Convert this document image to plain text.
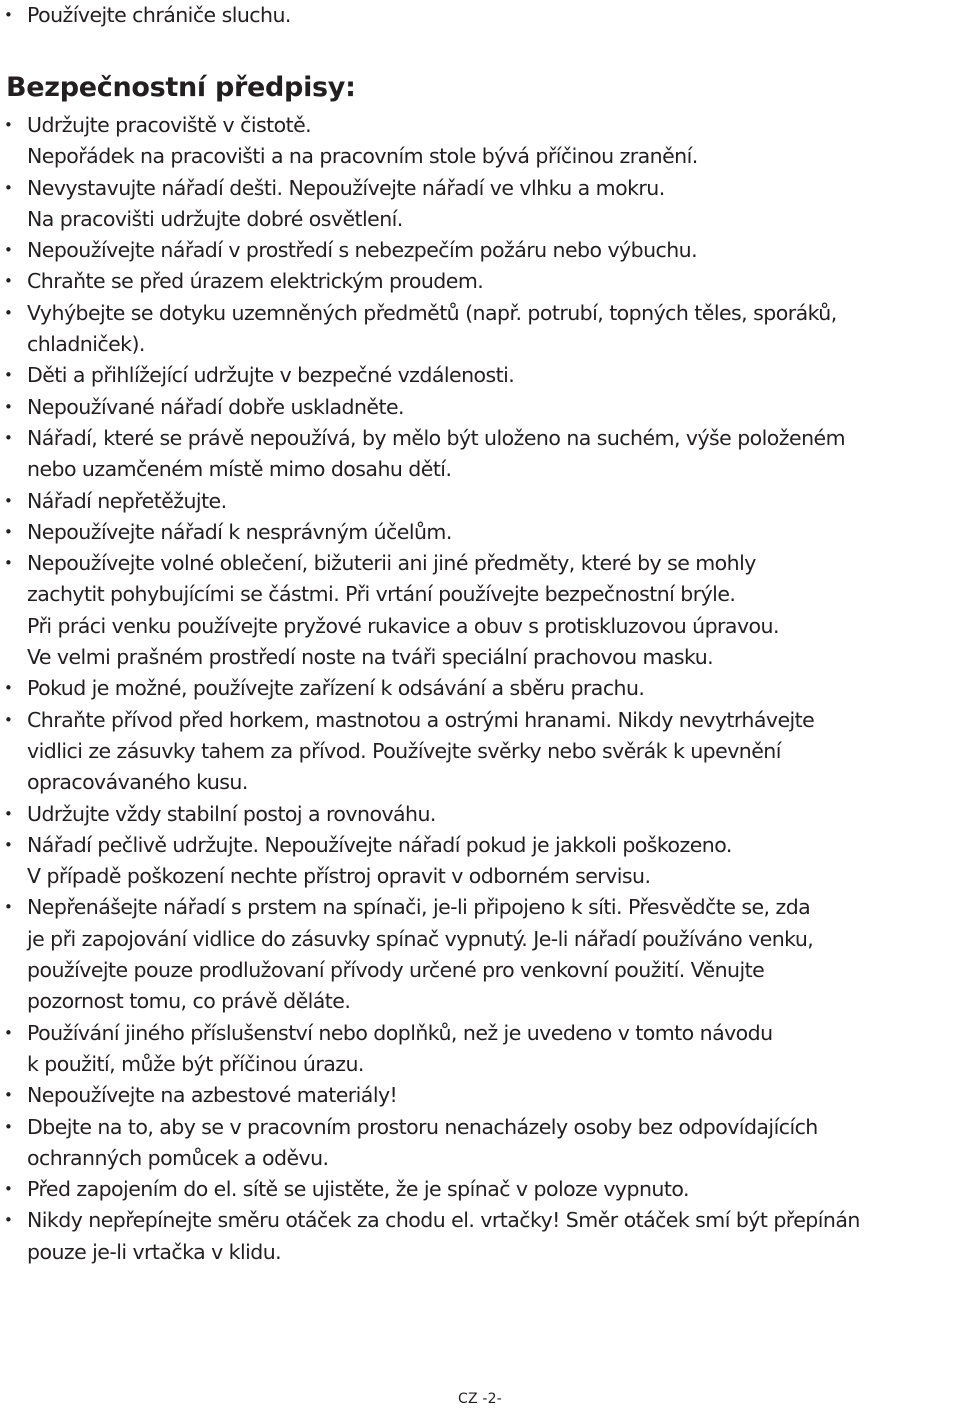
• Používejte chrániče sluchu.
Bezpečnostní předpisy:
• Udržujte pracoviště v čistotě.
Nepořádek na pracovišti a na pracovním stole bývá příčinou zranění.
• Nevystavujte nářadí dešti. Nepoužívejte nářadí ve vlhku a mokru.
Na pracovišti udržujte dobré osvětlení.
• Nepoužívejte nářadí v prostředí s nebezpečím požáru nebo výbuchu.
• Chraňte se před úrazem elektrickým proudem.
• Vyhýbejte se dotyku uzemněných předmětů (např. potrubí, topných těles, sporáků,
chladniček).
• Děti a přihlížející udržujte v bezpečné vzdálenosti.
• Nepoužívané nářadí dobře uskladněte.
• Nářadí, které se právě nepoužívá, by mělo být uloženo na suchém, výše položeném
nebo uzamčeném místě mimo dosahu dětí.
• Nářadí nepřetěžujte.
• Nepoužívejte nářadí k nesprávným účelům.
• Nepoužívejte volné oblečení, bižuterii ani jiné předměty, které by se mohly
zachytit pohybujícími se částmi. Při vrtání používejte bezpečnostní brýle.
Při práci venku používejte pryžové rukavice a obuv s protiskluzovou úpravou.
Ve velmi prašném prostředí noste na tváři speciální prachovou masku.
• Pokud je možné, používejte zařízení k odsávání a sběru prachu.
• Chraňte přívod před horkem, mastnotou a ostrými hranami. Nikdy nevytrhávejte
vidlici ze zásuvky tahem za přívod. Používejte svěrky nebo svěrák k upevnění
opracovávaného kusu.
• Udržujte vždy stabilní postoj a rovnováhu.
• Nářadí pečlivě udržujte. Nepoužívejte nářadí pokud je jakkoli poškozeno.
V případě poškození nechte přístroj opravit v odborném servisu.
• Nepřenášejte nářadí s prstem na spínači, je-li připojeno k síti. Přesvědčte se, zda
je při zapojování vidlice do zásuvky spínač vypnutý. Je-li nářadí používáno venku,
používejte pouze prodlužovaní přívody určené pro venkovní použití. Věnujte
pozornost tomu, co právě děláte.
• Používání jiného příslušenství nebo doplňků, než je uvedeno v tomto návodu
k použití, může být příčinou úrazu.
• Nepoužívejte na azbestové materiály!
• Dbejte na to, aby se v pracovním prostoru nenacházely osoby bez odpovídajících
ochranných pomůcek a oděvu.
• Před zapojením do el. sítě se ujistěte, že je spínač v poloze vypnuto.
• Nikdy nepřepínejte směru otáček za chodu el. vrtačky! Směr otáček smí být přepínán
pouze je-li vrtačka v klidu.
CZ -2-
